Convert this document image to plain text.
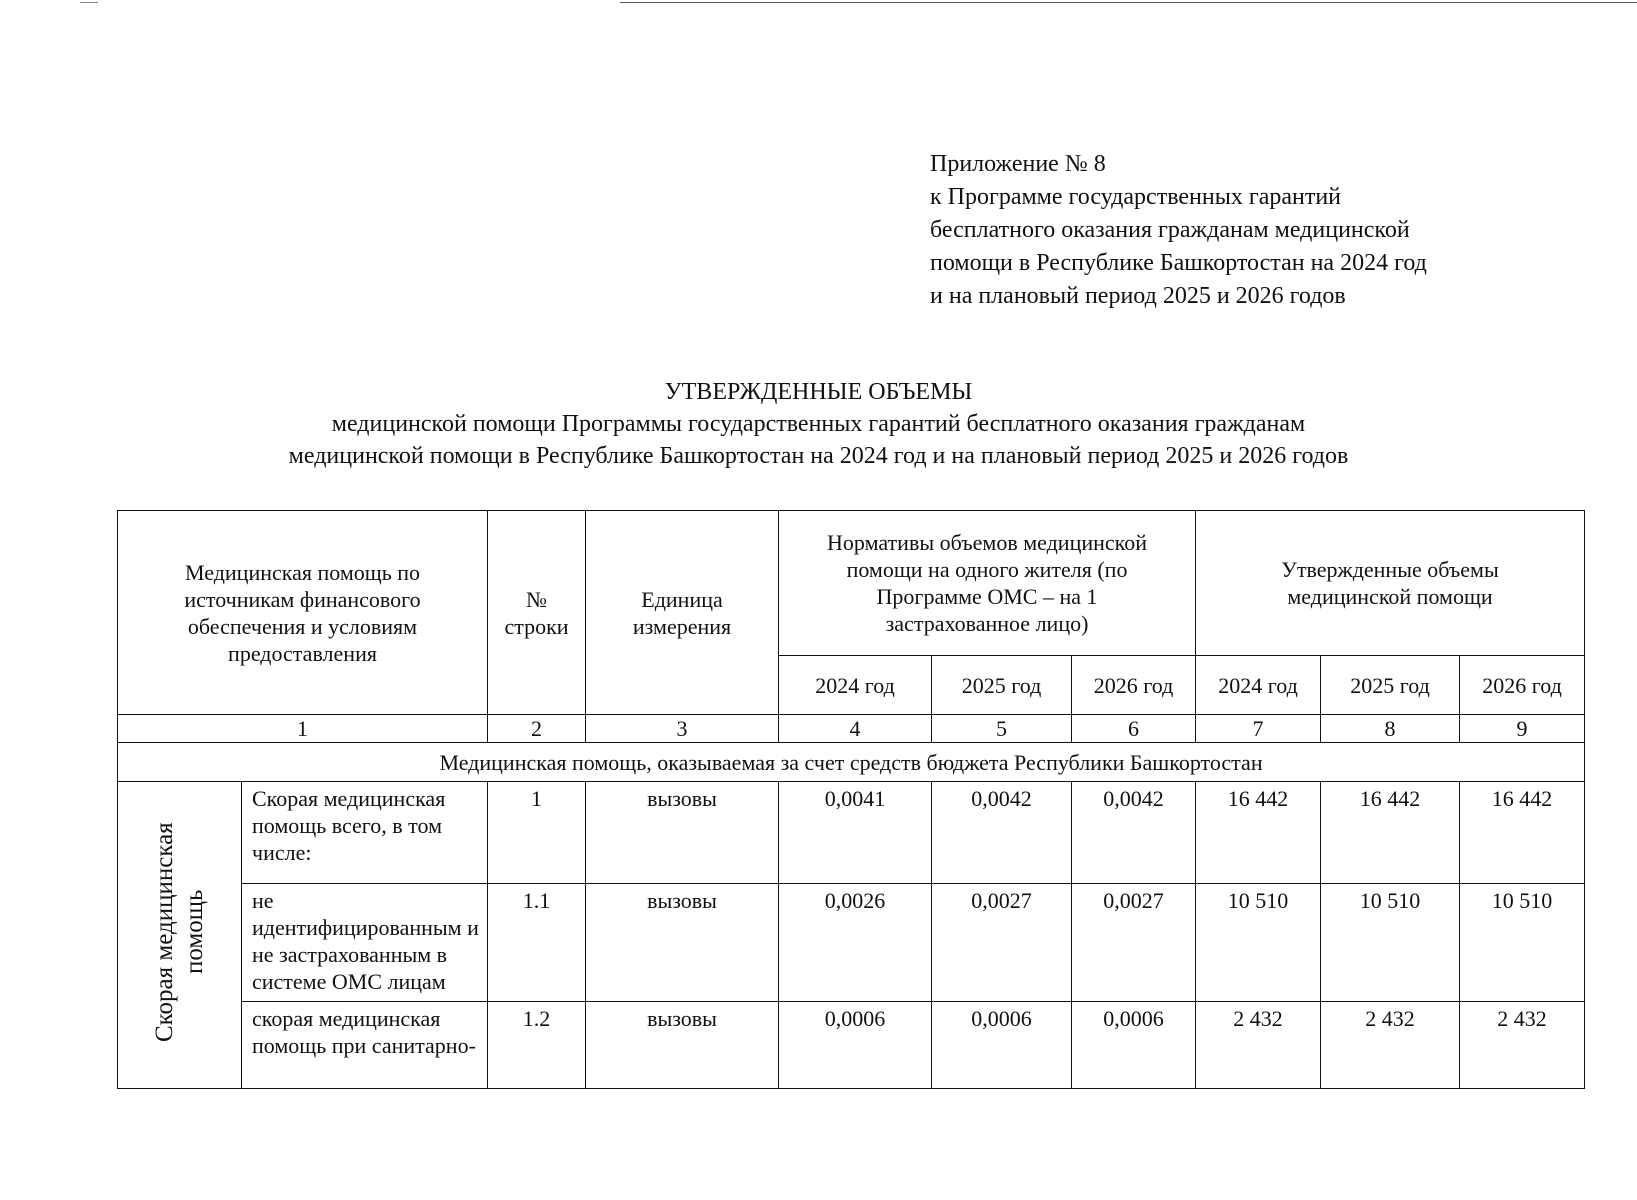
Приложение № 8
к Программе государственных гарантий
бесплатного оказания гражданам медицинской
помощи в Республике Башкортостан на 2024 год
и на плановый период 2025 и 2026 годов
УТВЕРЖДЕННЫЕ ОБЪЕМЫ
медицинской помощи Программы государственных гарантий бесплатного оказания гражданам
медицинской помощи в Республике Башкортостан на 2024 год и на плановый период 2025 и 2026 годов
Медицинская помощь по источникам финансового обеспечения и условиям предоставления		№ строки	Единица измерения	Нормативы объемов медицинской помощи на одного жителя (по Программе ОМС – на 1 застрахованное лицо)			Утвержденные объемы медицинской помощи		
				2024 год	2025 год	2026 год	2024 год	2025 год	2026 год
1		2	3	4	5	6	7	8	9
Медицинская помощь, оказываемая за счет средств бюджета Республики Башкортостан									
Скорая медицинская помощь	Скорая медицинская помощь всего, в том числе:	1	вызовы	0,0041	0,0042	0,0042	16 442	16 442	16 442
	не идентифицированным и не застрахованным в системе ОМС лицам	1.1	вызовы	0,0026	0,0027	0,0027	10 510	10 510	10 510
	скорая медицинская помощь при санитарно-	1.2	вызовы	0,0006	0,0006	0,0006	2 432	2 432	2 432
